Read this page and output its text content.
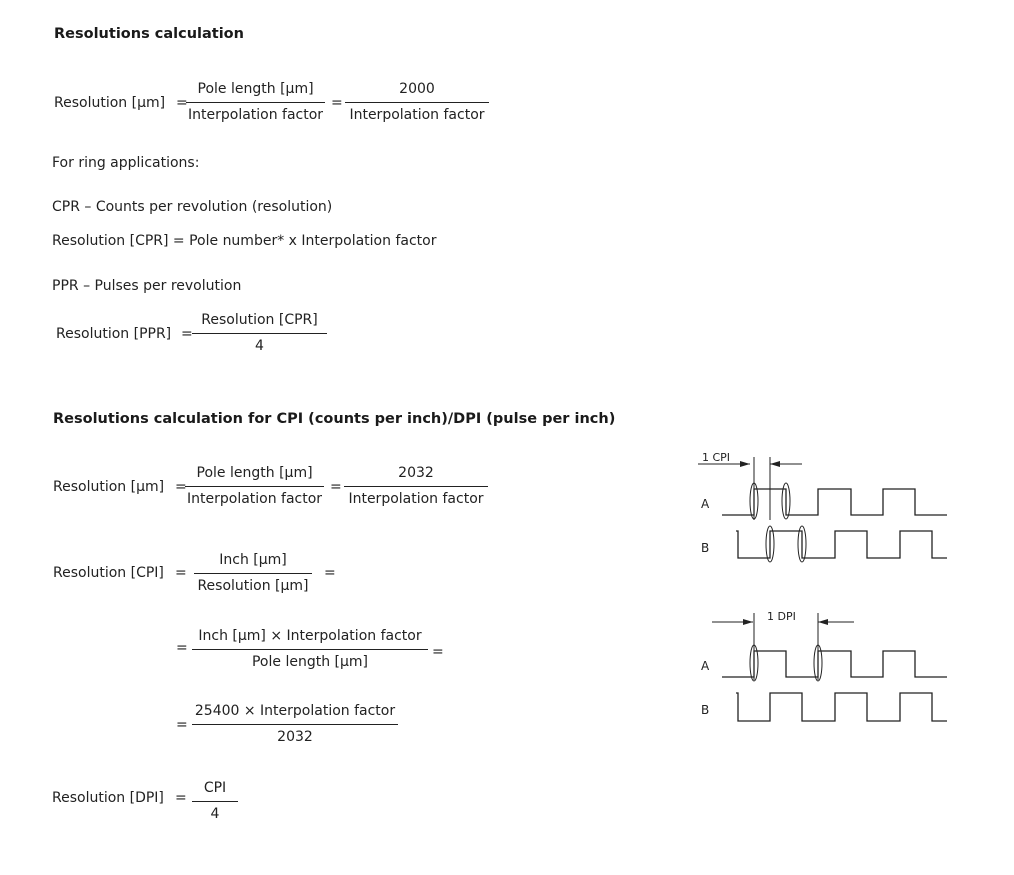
Resolutions calculation
Resolution [µm] =
Pole length [µm]
Interpolation factor
=
2000
Interpolation factor
For ring applications:
CPR – Counts per revolution (resolution)
Resolution [CPR] = Pole number* x Interpolation factor
PPR – Pulses per revolution
Resolution [PPR] =
Resolution [CPR]
4
Resolutions calculation for CPI (counts per inch)/DPI (pulse per inch)
Resolution [µm] =
Pole length [µm]
Interpolation factor
=
2032
Interpolation factor
Resolution [CPI] =
Inch [µm]
Resolution [µm]
=
=
Inch [µm] × Interpolation factor
Pole length [µm]
=
=
25400 × Interpolation factor
2032
Resolution [DPI] =
CPI
4
1 CPI
A
B
1 DPI
A
B
